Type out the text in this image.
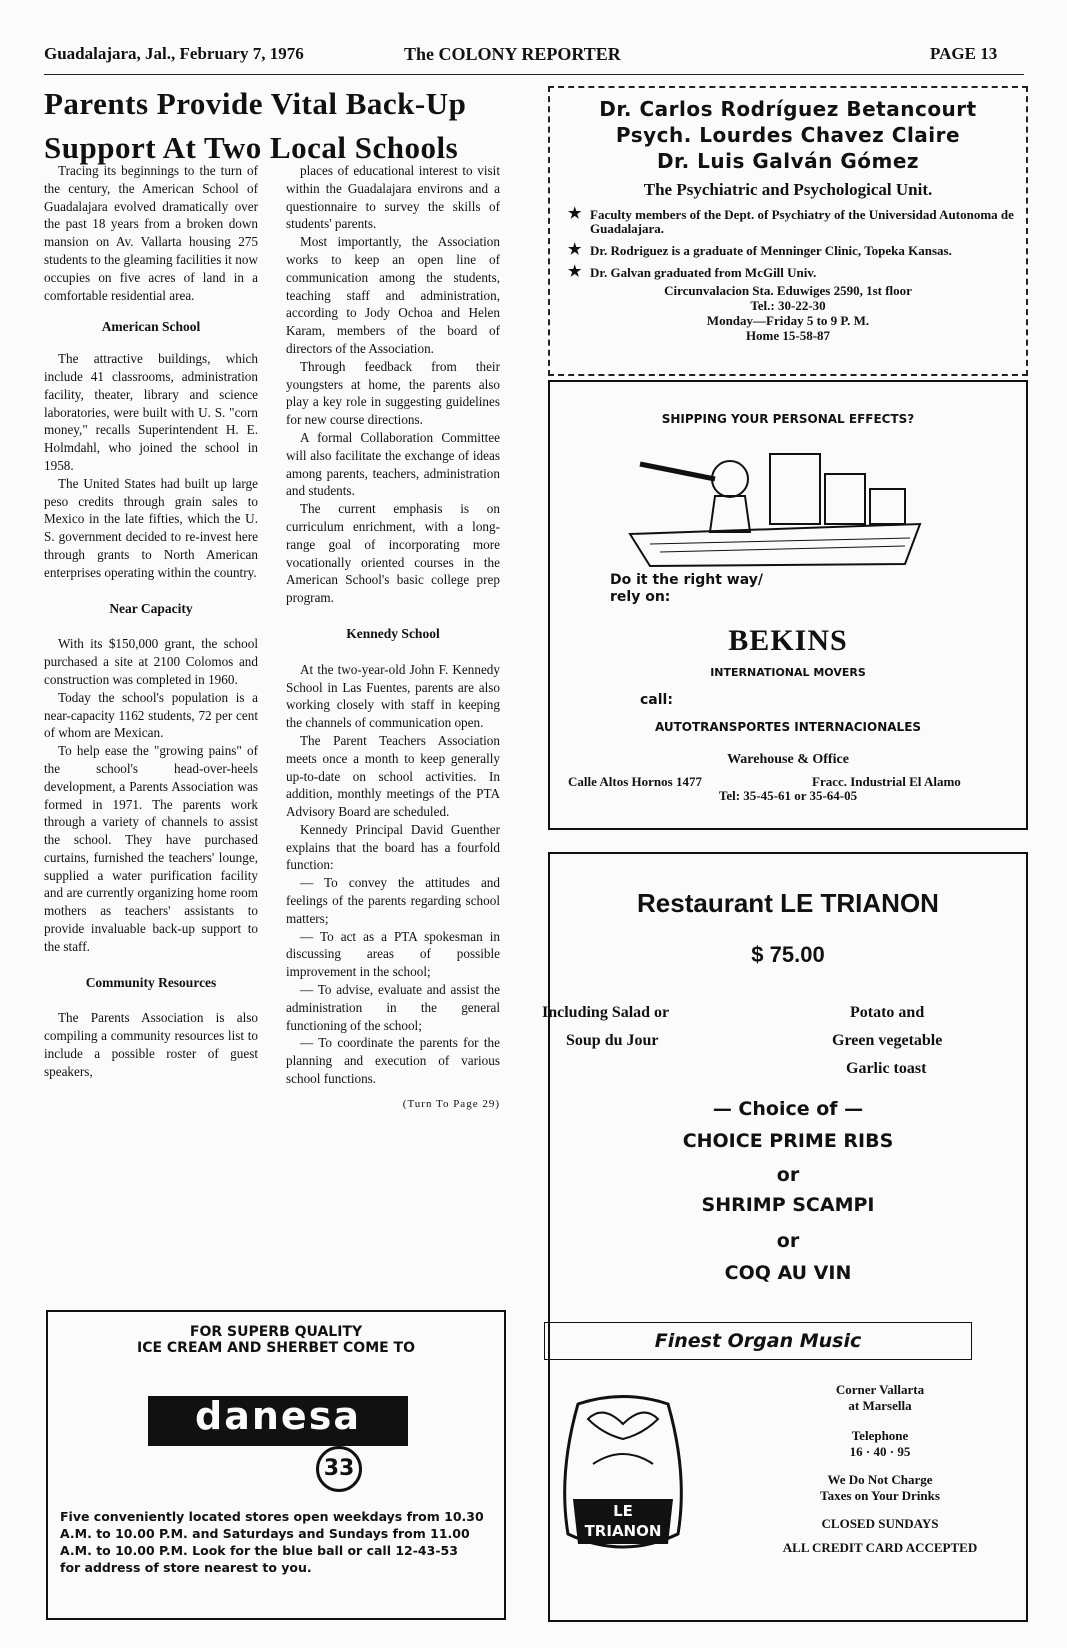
Guadalajara, Jal., February 7, 1976	The COLONY REPORTER	PAGE 13
Parents Provide Vital Back-Up
Support At Two Local Schools

Tracing its beginnings to the turn of the century, the American School of Guadalajara evolved dramatically over the past 18 years from a broken down mansion on Av. Vallarta housing 275 students to the gleaming facilities it now occupies on five acres of land in a comfortable residential area.

American School

The attractive buildings, which include 41 classrooms, administration facility, theater, library and science laboratories, were built with U. S. "corn money," recalls Superintendent H. E. Holmdahl, who joined the school in 1958.

The United States had built up large peso credits through grain sales to Mexico in the late fifties, which the U. S. government decided to re-invest here through grants to North American enterprises operating within the country.

Near Capacity

With its $150,000 grant, the school purchased a site at 2100 Colomos and construction was completed in 1960.

Today the school's population is a near-capacity 1162 students, 72 per cent of whom are Mexican.

To help ease the "growing pains" of the school's head-over-heels development, a Parents Association was formed in 1971. The parents work through a variety of channels to assist the school. They have purchased curtains, furnished the teachers' lounge, supplied a water purification facility and are currently organizing home room mothers as teachers' assistants to provide invaluable back-up support to the staff.

Community Resources

The Parents Association is also compiling a community resources list to include a possible roster of guest speakers,

places of educational interest to visit within the Guadalajara environs and a questionnaire to survey the skills of students' parents.

Most importantly, the Association works to keep an open line of communication among the students, teaching staff and administration, according to Jody Ochoa and Helen Karam, members of the board of directors of the Association.

Through feedback from their youngsters at home, the parents also play a key role in suggesting guidelines for new course directions.

A formal Collaboration Committee will also facilitate the exchange of ideas among parents, teachers, administration and students.

The current emphasis is on curriculum enrichment, with a long-range goal of incorporating more vocationally oriented courses in the American School's basic college prep program.

Kennedy School

At the two-year-old John F. Kennedy School in Las Fuentes, parents are also working closely with staff in keeping the channels of communication open.

The Parent Teachers Association meets once a month to keep generally up-to-date on school activities. In addition, monthly meetings of the PTA Advisory Board are scheduled.

Kennedy Principal David Guenther explains that the board has a fourfold function:

— To convey the attitudes and feelings of the parents regarding school matters;

— To act as a PTA spokesman in discussing areas of possible improvement in the school;

— To advise, evaluate and assist the administration in the general functioning of the school;

— To coordinate the parents for the planning and execution of various school functions.

(Turn To Page 29)
Dr. Carlos Rodríguez Betancourt
Psych. Lourdes Chavez Claire
Dr. Luis Galván Gómez
The Psychiatric and Psychological Unit.
★ Faculty members of the Dept. of Psychiatry of the Universidad Autonoma de Guadalajara.
★ Dr. Rodriguez is a graduate of Menninger Clinic, Topeka Kansas.
★ Dr. Galvan graduated from McGill Univ.
Circunvalacion Sta. Eduwiges 2590, 1st floor
Tel.: 30-22-30
Monday—Friday 5 to 9 P. M.
Home 15-58-87
SHIPPING YOUR PERSONAL EFFECTS?
Do it the right way/
rely on:
BEKINS
INTERNATIONAL MOVERS
call:
AUTOTRANSPORTES INTERNACIONALES
Warehouse & Office
Calle Altos Hornos 1477	Fracc. Industrial El Alamo
Tel: 35-45-61 or 35-64-05
Restaurant LE TRIANON
$ 75.00
Including Salad or
Soup du Jour
Potato and
Green vegetable
Garlic toast
— Choice of —
CHOICE PRIME RIBS
or
SHRIMP SCAMPI
or
COQ AU VIN
Finest Organ Music
LE
TRIANON
Corner Vallarta
at Marsella
Telephone
16 · 40 · 95
We Do Not Charge
Taxes on Your Drinks
CLOSED SUNDAYS
ALL CREDIT CARD ACCEPTED
FOR SUPERB QUALITY
ICE CREAM AND SHERBET COME TO
danesa
33
Five conveniently located stores open weekdays from 10.30
A.M. to 10.00 P.M. and Saturdays and Sundays from 11.00
A.M. to 10.00 P.M. Look for the blue ball or call 12-43-53
for address of store nearest to you.
